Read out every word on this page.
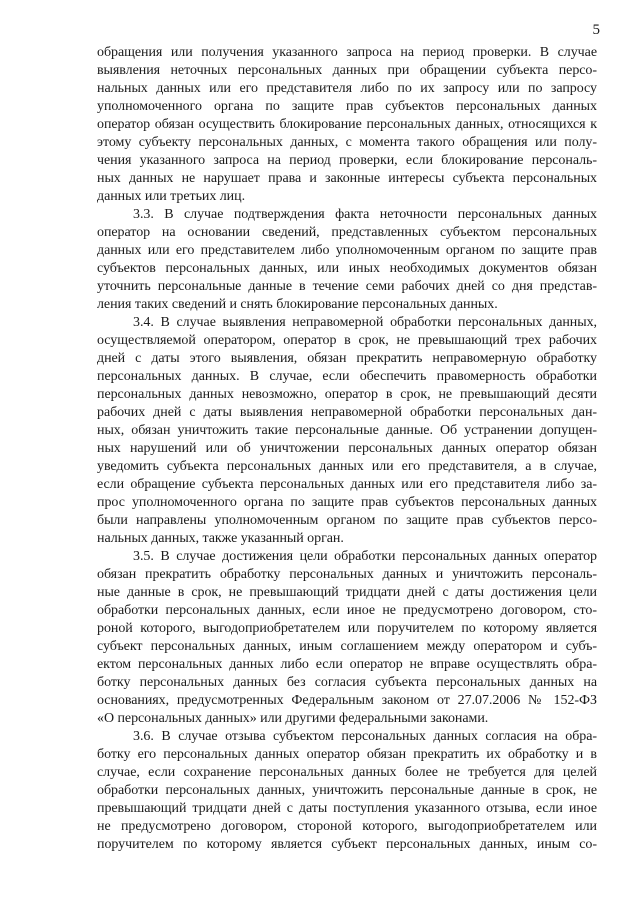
5
обращения или получения указанного запроса на период проверки. В случае
выявления неточных персональных данных при обращении субъекта персо-
нальных данных или его представителя либо по их запросу или по запросу
уполномоченного органа по защите прав субъектов персональных данных
оператор обязан осуществить блокирование персональных данных, относящихся к
этому субъекту персональных данных, с момента такого обращения или полу-
чения указанного запроса на период проверки, если блокирование персональ-
ных данных не нарушает права и законные интересы субъекта персональных
данных или третьих лиц.
3.3. В случае подтверждения факта неточности персональных данных
оператор на основании сведений, представленных субъектом персональных
данных или его представителем либо уполномоченным органом по защите прав
субъектов персональных данных, или иных необходимых документов обязан
уточнить персональные данные в течение семи рабочих дней со дня представ-
ления таких сведений и снять блокирование персональных данных.
3.4. В случае выявления неправомерной обработки персональных данных,
осуществляемой оператором, оператор в срок, не превышающий трех рабочих
дней с даты этого выявления, обязан прекратить неправомерную обработку
персональных данных. В случае, если обеспечить правомерность обработки
персональных данных невозможно, оператор в срок, не превышающий десяти
рабочих дней с даты выявления неправомерной обработки персональных дан-
ных, обязан уничтожить такие персональные данные. Об устранении допущен-
ных нарушений или об уничтожении персональных данных оператор обязан
уведомить субъекта персональных данных или его представителя, а в случае,
если обращение субъекта персональных данных или его представителя либо за-
прос уполномоченного органа по защите прав субъектов персональных данных
были направлены уполномоченным органом по защите прав субъектов персо-
нальных данных, также указанный орган.
3.5. В случае достижения цели обработки персональных данных оператор
обязан прекратить обработку персональных данных и уничтожить персональ-
ные данные в срок, не превышающий тридцати дней с даты достижения цели
обработки персональных данных, если иное не предусмотрено договором, сто-
роной которого, выгодоприобретателем или поручителем по которому является
субъект персональных данных, иным соглашением между оператором и субъ-
ектом персональных данных либо если оператор не вправе осуществлять обра-
ботку персональных данных без согласия субъекта персональных данных на
основаниях, предусмотренных Федеральным законом от 27.07.2006 № 152-ФЗ
«О персональных данных» или другими федеральными законами.
3.6. В случае отзыва субъектом персональных данных согласия на обра-
ботку его персональных данных оператор обязан прекратить их обработку и в
случае, если сохранение персональных данных более не требуется для целей
обработки персональных данных, уничтожить персональные данные в срок, не
превышающий тридцати дней с даты поступления указанного отзыва, если иное
не предусмотрено договором, стороной которого, выгодоприобретателем или
поручителем по которому является субъект персональных данных, иным со-
